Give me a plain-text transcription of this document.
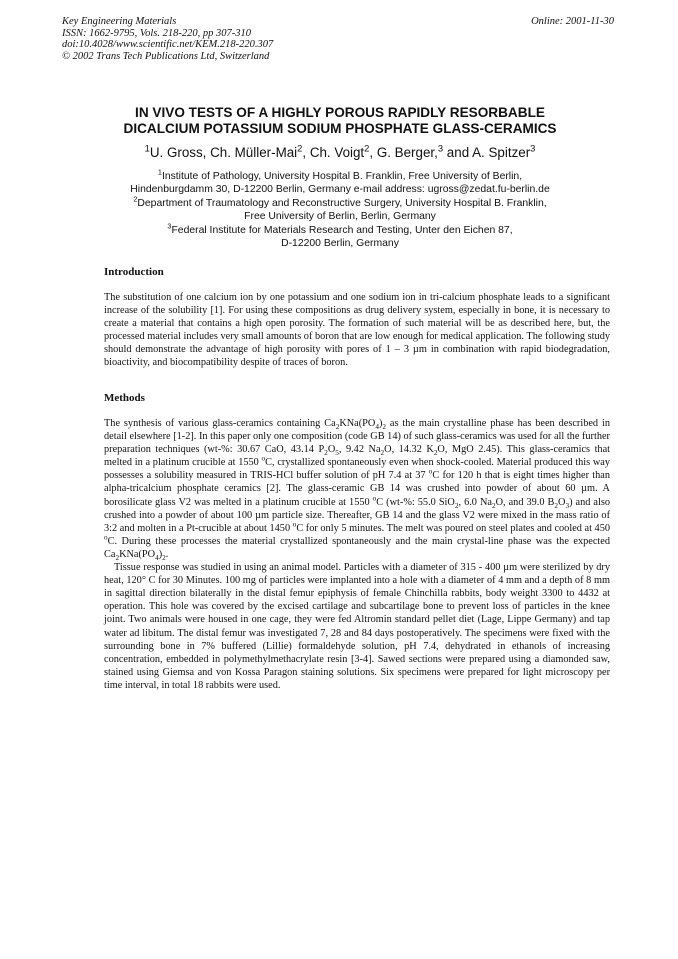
Key Engineering Materials
ISSN: 1662-9795, Vols. 218-220, pp 307-310
doi:10.4028/www.scientific.net/KEM.218-220.307
© 2002 Trans Tech Publications Ltd, Switzerland
Online: 2001-11-30
IN VIVO TESTS OF A HIGHLY POROUS RAPIDLY RESORBABLE
DICALCIUM POTASSIUM SODIUM PHOSPHATE GLASS-CERAMICS
$^1$U. Gross, Ch. Müller-Mai$^2$, Ch. Voigt$^2$, G. Berger,$^3$ and A. Spitzer$^3$
$^1$Institute of Pathology, University Hospital B. Franklin, Free University of Berlin,
Hindenburgdamm 30, D-12200 Berlin, Germany e-mail address: ugross@zedat.fu-berlin.de
$^2$Department of Traumatology and Reconstructive Surgery, University Hospital B. Franklin,
Free University of Berlin, Berlin, Germany
$^3$Federal Institute for Materials Research and Testing, Unter den Eichen 87,
D-12200 Berlin, Germany
Introduction

The substitution of one calcium ion by one potassium and one sodium ion in tri-calcium phosphate leads to a significant increase of the solubility [1]. For using these compositions as drug delivery system, especially in bone, it is necessary to create a material that contains a high open porosity. The formation of such material will be as described here, but, the processed material includes very small amounts of boron that are low enough for medical application. The following study should demonstrate the advantage of high porosity with pores of 1 – 3 µm in combination with rapid biodegradation, bioactivity, and biocompatibility despite of traces of boron.

Methods

The synthesis of various glass-ceramics containing $Ca_2KNa(PO_4)_2$ as the main crystalline phase has been described in detail elsewhere [1-2]. In this paper only one composition (code GB 14) of such glass-ceramics was used for all the further preparation techniques (wt-%: 30.67 CaO, 43.14 $P_2O_5$, 9.42 $Na_2O$, 14.32 $K_2O$, MgO 2.45). This glass-ceramics that melted in a platinum crucible at 1550 $^o$C, crystallized spontaneously even when shock-cooled. Material produced this way possesses a solubility measured in TRIS-HCl buffer solution of pH 7.4 at 37 $^o$C for 120 h that is eight times higher than alpha-tricalcium phosphate ceramics [2]. The glass-ceramic GB 14 was crushed into powder of about 60 µm. A borosilicate glass V2 was melted in a platinum crucible at 1550 $^o$C (wt-%: 55.0 SiO$_2$, 6.0 $Na_2O$, and 39.0 $B_2O_3$) and also crushed into a powder of about 100 µm particle size. Thereafter, GB 14 and the glass V2 were mixed in the mass ratio of 3:2 and molten in a Pt-crucible at about 1450 $^o$C for only 5 minutes. The melt was poured on steel plates and cooled at 450 $^o$C. During these processes the material crystallized spontaneously and the main crystal-line phase was the expected $Ca_2KNa(PO_4)_2$.

Tissue response was studied in using an animal model. Particles with a diameter of 315 - 400 µm were sterilized by dry heat, 120° C for 30 Minutes. 100 mg of particles were implanted into a hole with a diameter of 4 mm and a depth of 8 mm in sagittal direction bilaterally in the distal femur epiphysis of female Chinchilla rabbits, body weight 3300 to 4432 at operation. This hole was covered by the excised cartilage and subcartilage bone to prevent loss of particles in the knee joint. Two animals were housed in one cage, they were fed Altromin standard pellet diet (Lage, Lippe Germany) and tap water ad libitum. The distal femur was investigated 7, 28 and 84 days postoperatively. The specimens were fixed with the surrounding bone in 7% buffered (Lillie) formaldehyde solution, pH 7.4, dehydrated in ethanols of increasing concentration, embedded in polymethylmethacrylate resin [3-4]. Sawed sections were prepared using a diamonded saw, stained using Giemsa and von Kossa Paragon staining solutions. Six specimens were prepared for light microscopy per time interval, in total 18 rabbits were used.
